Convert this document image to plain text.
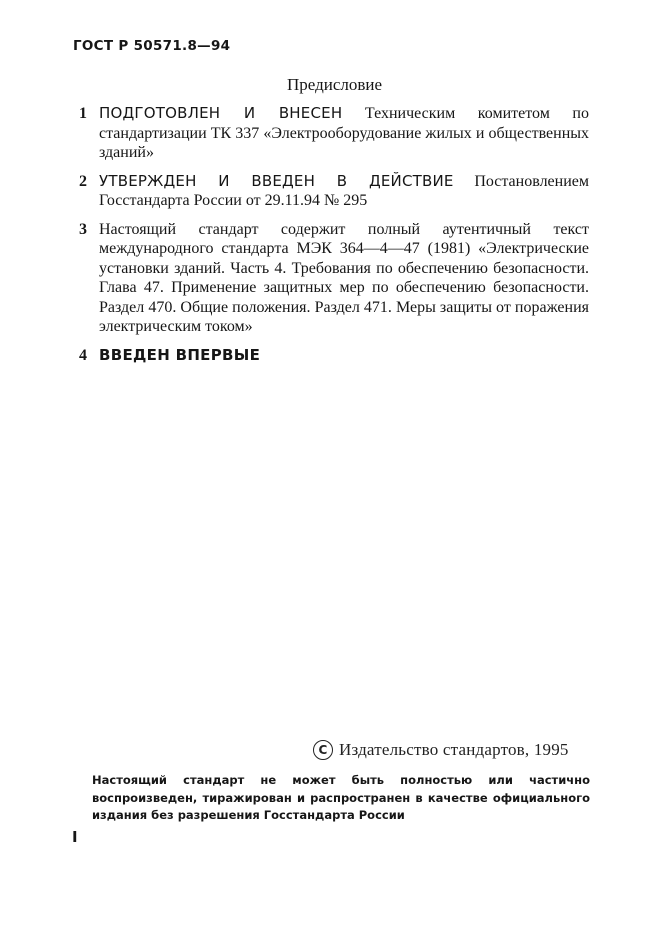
ГОСТ Р 50571.8—94
Предисловие
1 ПОДГОТОВЛЕН И ВНЕСЕН Техническим комитетом по стандартизации ТК 337 «Электрооборудование жилых и общественных зданий»
2 УТВЕРЖДЕН И ВВЕДЕН В ДЕЙСТВИЕ Постановлением Госстандарта России от 29.11.94 № 295
3 Настоящий стандарт содержит полный аутентичный текст международного стандарта МЭК 364—4—47 (1981) «Электрические установки зданий. Часть 4. Требования по обеспечению безопасности. Глава 47. Применение защитных мер по обеспечению безопасности. Раздел 470. Общие положения. Раздел 471. Меры защиты от поражения электрическим током»
4 ВВЕДЕН ВПЕРВЫЕ
C Издательство стандартов, 1995
Настоящий стандарт не может быть полностью или частично воспроизведен, тиражирован и распространен в качестве официального издания без разрешения Госстандарта России
I
